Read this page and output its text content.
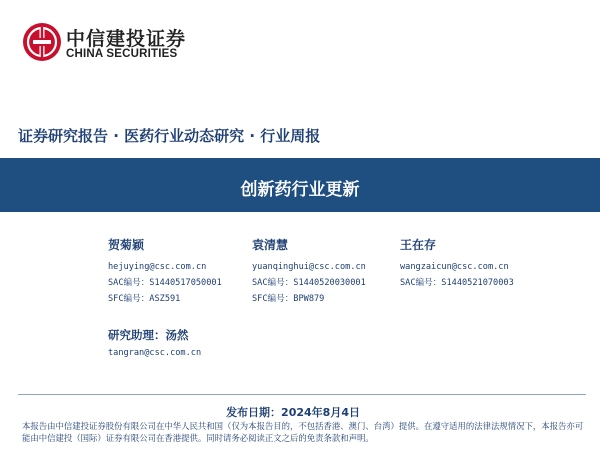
中信建投证券
CHINA SECURITIES
证券研究报告 · 医药行业动态研究 · 行业周报
创新药行业更新
贺菊颖
hejuying@csc.com.cn
SAC编号：S1440517050001
SFC编号：ASZ591
袁清慧
yuanqinghui@csc.com.cn
SAC编号：S1440520030001
SFC编号：BPW879
王在存
wangzaicun@csc.com.cn
SAC编号：S1440521070003
研究助理：汤然
tangran@csc.com.cn
发布日期：2024年8月4日
本报告由中信建投证券股份有限公司在中华人民共和国（仅为本报告目的，不包括香港、澳门、台湾）提供。在遵守适用的法律法规情况下，本报告亦可能由中信建投（国际）证券有限公司在香港提供。同时请务必阅读正文之后的免责条款和声明。
